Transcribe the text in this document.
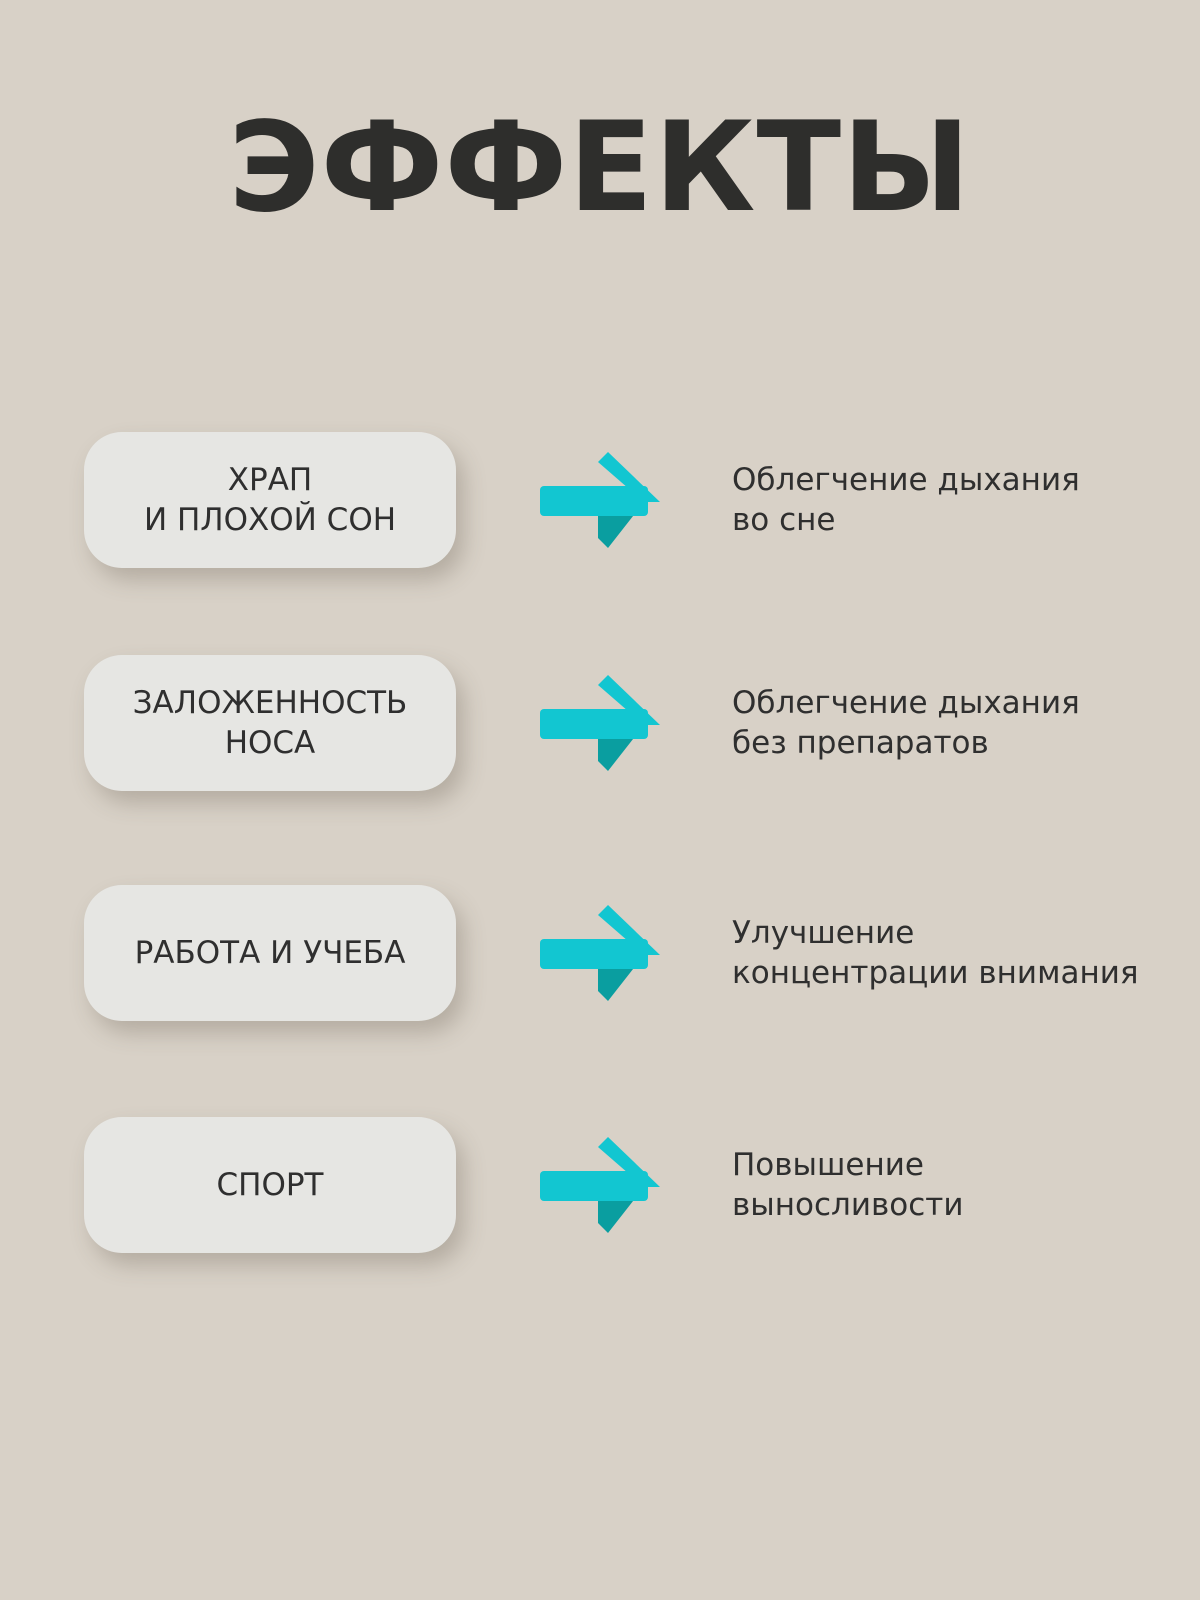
ЭФФЕКТЫ
ХРАП
И ПЛОХОЙ СОН
Облегчение дыхания
во сне
ЗАЛОЖЕННОСТЬ
НОСА
Облегчение дыхания
без препаратов
РАБОТА И УЧЕБА
Улучшение
концентрации внимания
СПОРТ
Повышение
выносливости
